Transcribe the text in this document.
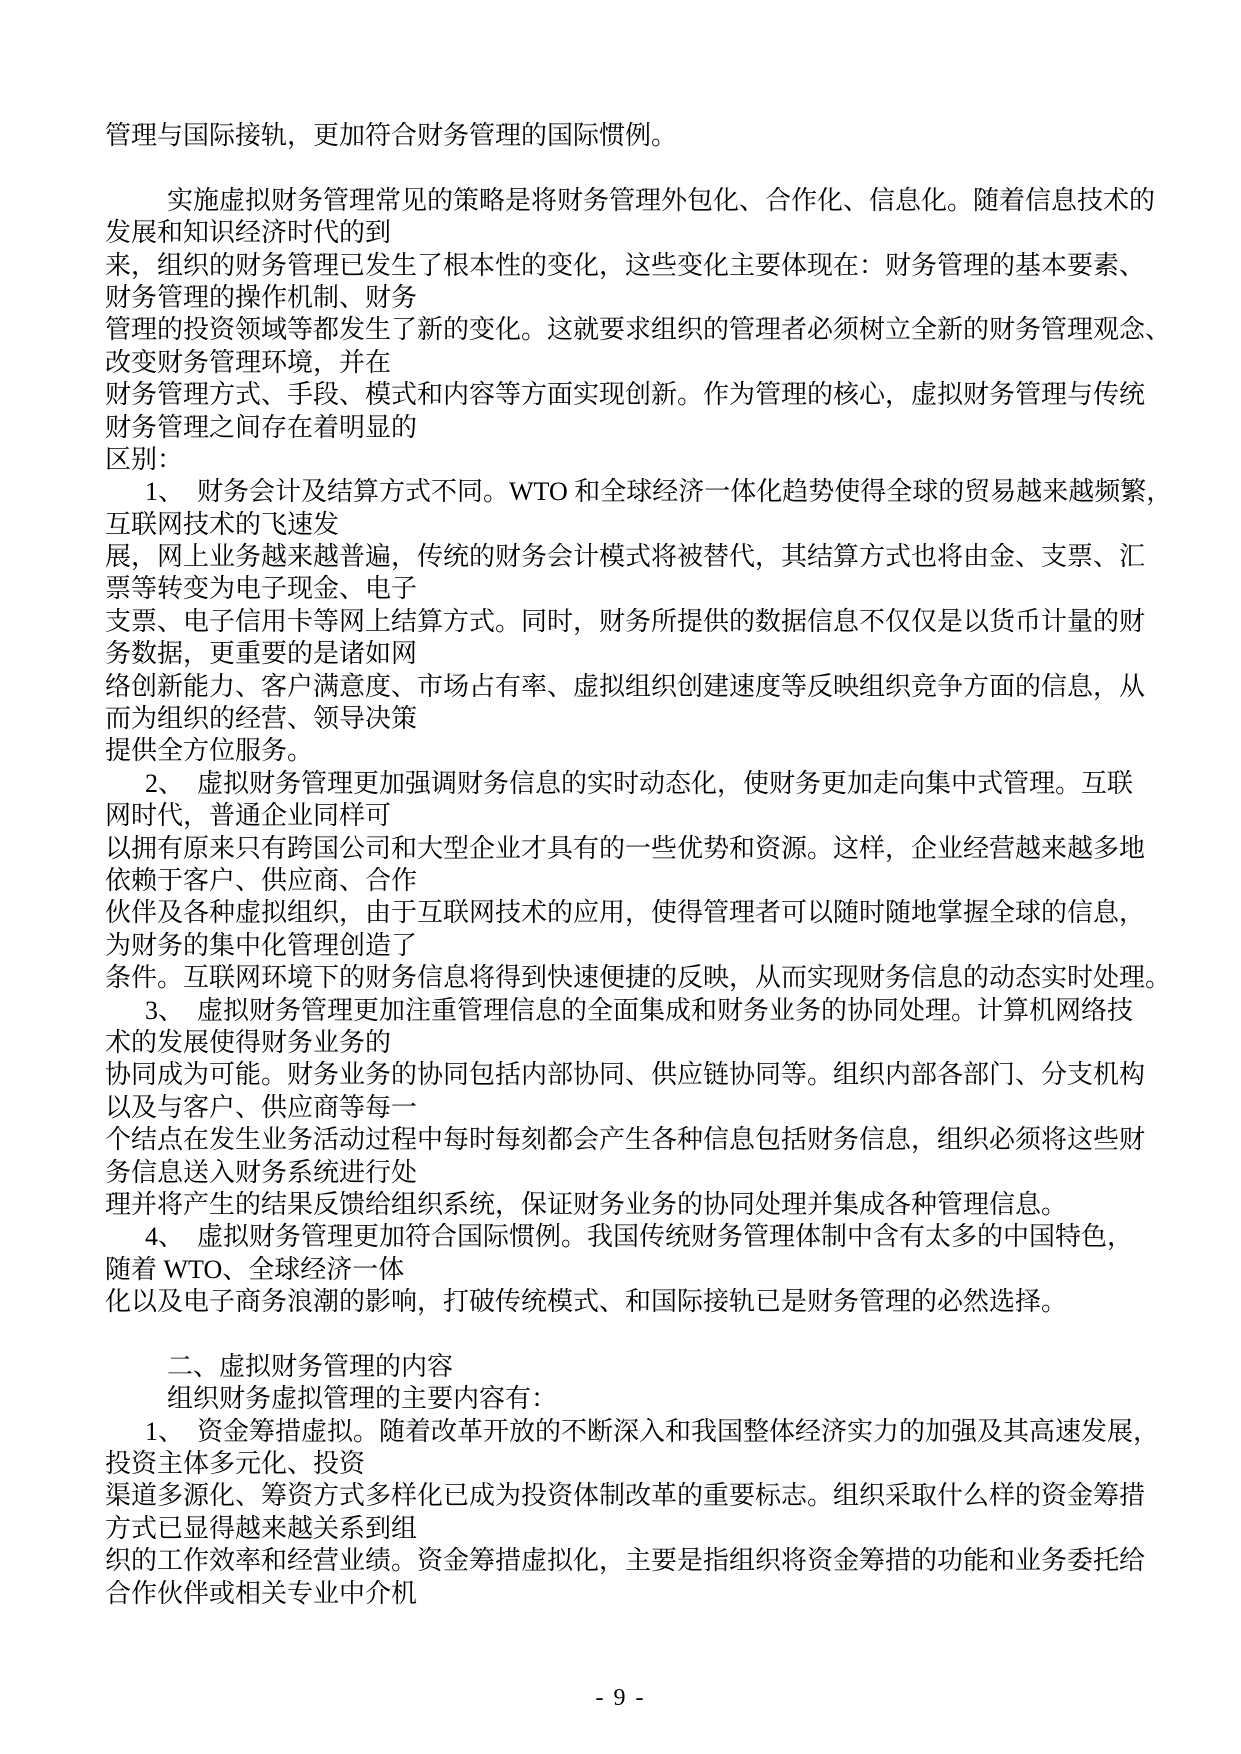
管理与国际接轨，更加符合财务管理的国际惯例。
实施虚拟财务管理常见的策略是将财务管理外包化、合作化、信息化。随着信息技术的
发展和知识经济时代的到
来，组织的财务管理已发生了根本性的变化，这些变化主要体现在：财务管理的基本要素、
财务管理的操作机制、财务
管理的投资领域等都发生了新的变化。这就要求组织的管理者必须树立全新的财务管理观念、
改变财务管理环境，并在
财务管理方式、手段、模式和内容等方面实现创新。作为管理的核心，虚拟财务管理与传统
财务管理之间存在着明显的
区别：
1、  财务会计及结算方式不同。WTO 和全球经济一体化趋势使得全球的贸易越来越频繁，
互联网技术的飞速发
展，网上业务越来越普遍，传统的财务会计模式将被替代，其结算方式也将由金、支票、汇
票等转变为电子现金、电子
支票、电子信用卡等网上结算方式。同时，财务所提供的数据信息不仅仅是以货币计量的财
务数据，更重要的是诸如网
络创新能力、客户满意度、市场占有率、虚拟组织创建速度等反映组织竞争方面的信息，从
而为组织的经营、领导决策
提供全方位服务。
2、  虚拟财务管理更加强调财务信息的实时动态化，使财务更加走向集中式管理。互联
网时代，普通企业同样可
以拥有原来只有跨国公司和大型企业才具有的一些优势和资源。这样，企业经营越来越多地
依赖于客户、供应商、合作
伙伴及各种虚拟组织，由于互联网技术的应用，使得管理者可以随时随地掌握全球的信息，
为财务的集中化管理创造了
条件。互联网环境下的财务信息将得到快速便捷的反映，从而实现财务信息的动态实时处理。
3、  虚拟财务管理更加注重管理信息的全面集成和财务业务的协同处理。计算机网络技
术的发展使得财务业务的
协同成为可能。财务业务的协同包括内部协同、供应链协同等。组织内部各部门、分支机构
以及与客户、供应商等每一
个结点在发生业务活动过程中每时每刻都会产生各种信息包括财务信息，组织必须将这些财
务信息送入财务系统进行处
理并将产生的结果反馈给组织系统，保证财务业务的协同处理并集成各种管理信息。
4、  虚拟财务管理更加符合国际惯例。我国传统财务管理体制中含有太多的中国特色，
随着 WTO、全球经济一体
化以及电子商务浪潮的影响，打破传统模式、和国际接轨已是财务管理的必然选择。
二、虚拟财务管理的内容
组织财务虚拟管理的主要内容有：
1、  资金筹措虚拟。随着改革开放的不断深入和我国整体经济实力的加强及其高速发展，
投资主体多元化、投资
渠道多源化、筹资方式多样化已成为投资体制改革的重要标志。组织采取什么样的资金筹措
方式已显得越来越关系到组
织的工作效率和经营业绩。资金筹措虚拟化，主要是指组织将资金筹措的功能和业务委托给
合作伙伴或相关专业中介机
- 9 -
